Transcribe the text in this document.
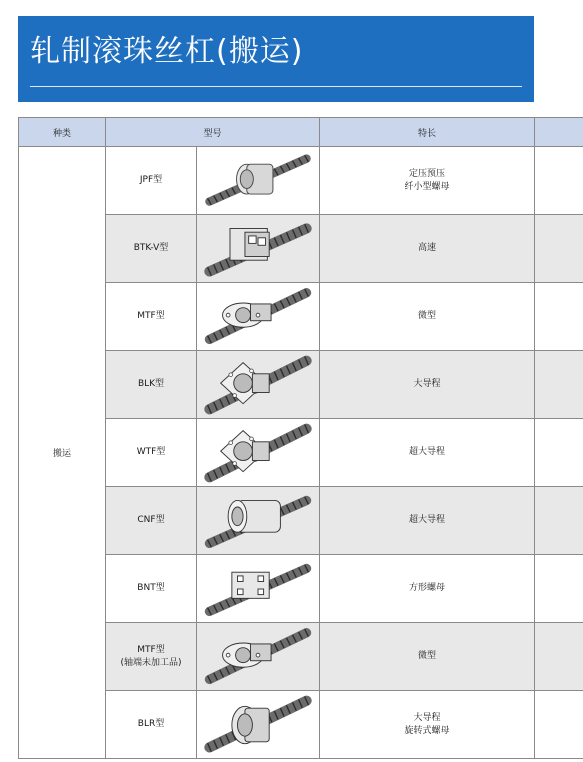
轧制滚珠丝杠(搬运)
种类	型号		特长	
搬运	JPF型		定压预压
纤小型螺母	

	BTK-V型		高速	

	MTF型		微型	

	BLK型		大导程	

	WTF型		超大导程	

	CNF型		超大导程	

	BNT型		方形螺母	

	MTF型
(轴端未加工品)		微型	

	BLR型		大导程
旋转式螺母	
